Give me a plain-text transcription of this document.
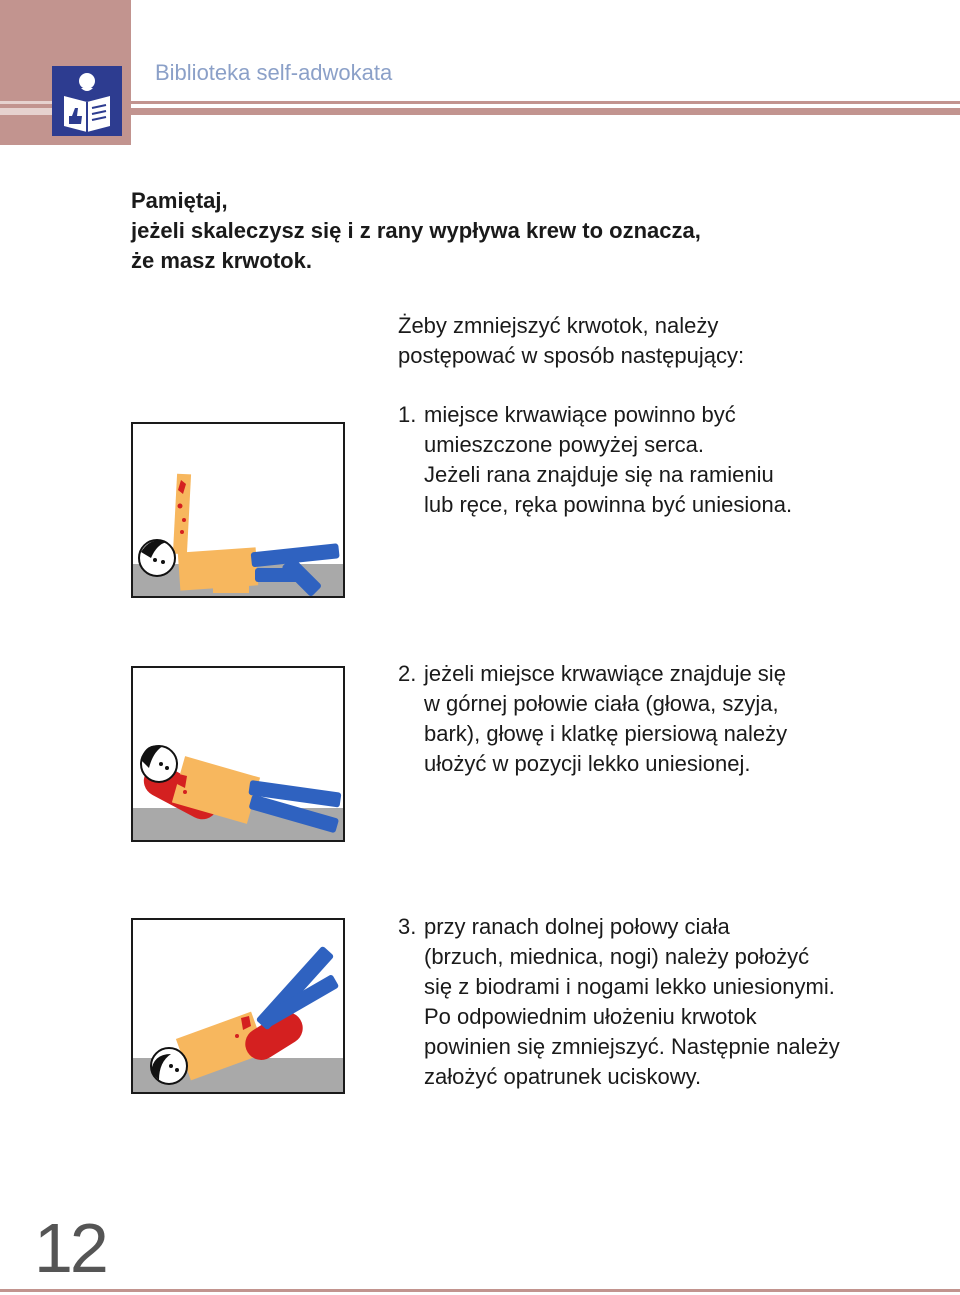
Biblioteka self-adwokata
Pamiętaj,
jeżeli skaleczysz się i z rany wypływa krew to oznacza,
że masz krwotok.
Żeby zmniejszyć krwotok, należy
postępować w sposób następujący:
1. miejsce krwawiące powinno być
umieszczone powyżej serca.
Jeżeli rana znajduje się na ramieniu
lub ręce, ręka powinna być uniesiona.
2. jeżeli miejsce krwawiące znajduje się
w górnej połowie ciała (głowa, szyja,
bark), głowę i klatkę piersiową należy
ułożyć w pozycji lekko uniesionej.
3. przy ranach dolnej połowy ciała
(brzuch, miednica, nogi) należy położyć
się z biodrami i nogami lekko uniesionymi.
Po odpowiednim ułożeniu krwotok
powinien się zmniejszyć. Następnie należy
założyć opatrunek uciskowy.
12
